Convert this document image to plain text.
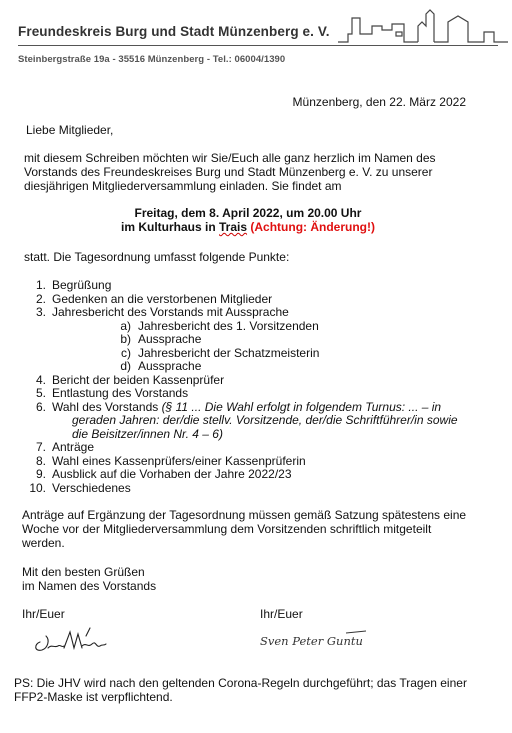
Freundeskreis Burg und Stadt Münzenberg e. V.
Steinbergstraße 19a - 35516 Münzenberg - Tel.: 06004/1390
Münzenberg, den 22. März 2022
Liebe Mitglieder,
mit diesem Schreiben möchten wir Sie/Euch alle ganz herzlich im Namen des
Vorstands des Freundeskreises Burg und Stadt Münzenberg e. V. zu unserer
diesjährigen Mitgliederversammlung einladen. Sie findet am
Freitag, dem 8. April 2022, um 20.00 Uhr
im Kulturhaus in Trais (Achtung: Änderung!)
statt. Die Tagesordnung umfasst folgende Punkte:
1. Begrüßung
2. Gedenken an die verstorbenen Mitglieder
3. Jahresbericht des Vorstands mit Aussprache
a) Jahresbericht des 1. Vorsitzenden
b) Aussprache
c) Jahresbericht der Schatzmeisterin
d) Aussprache
4. Bericht der beiden Kassenprüfer
5. Entlastung des Vorstands
6. Wahl des Vorstands (§ 11 ... Die Wahl erfolgt in folgendem Turnus: ... – in
geraden Jahren: der/die stellv. Vorsitzende, der/die Schriftführer/in sowie
die Beisitzer/innen Nr. 4 – 6)
7. Anträge
8. Wahl eines Kassenprüfers/einer Kassenprüferin
9. Ausblick auf die Vorhaben der Jahre 2022/23
10. Verschiedenes
Anträge auf Ergänzung der Tagesordnung müssen gemäß Satzung spätestens eine
Woche vor der Mitgliederversammlung dem Vorsitzenden schriftlich mitgeteilt
werden.
Mit den besten Grüßen
im Namen des Vorstands
Ihr/Euer	Ihr/Euer
Sven Peter Guntu
PS: Die JHV wird nach den geltenden Corona-Regeln durchgeführt; das Tragen einer
FFP2-Maske ist verpflichtend.
